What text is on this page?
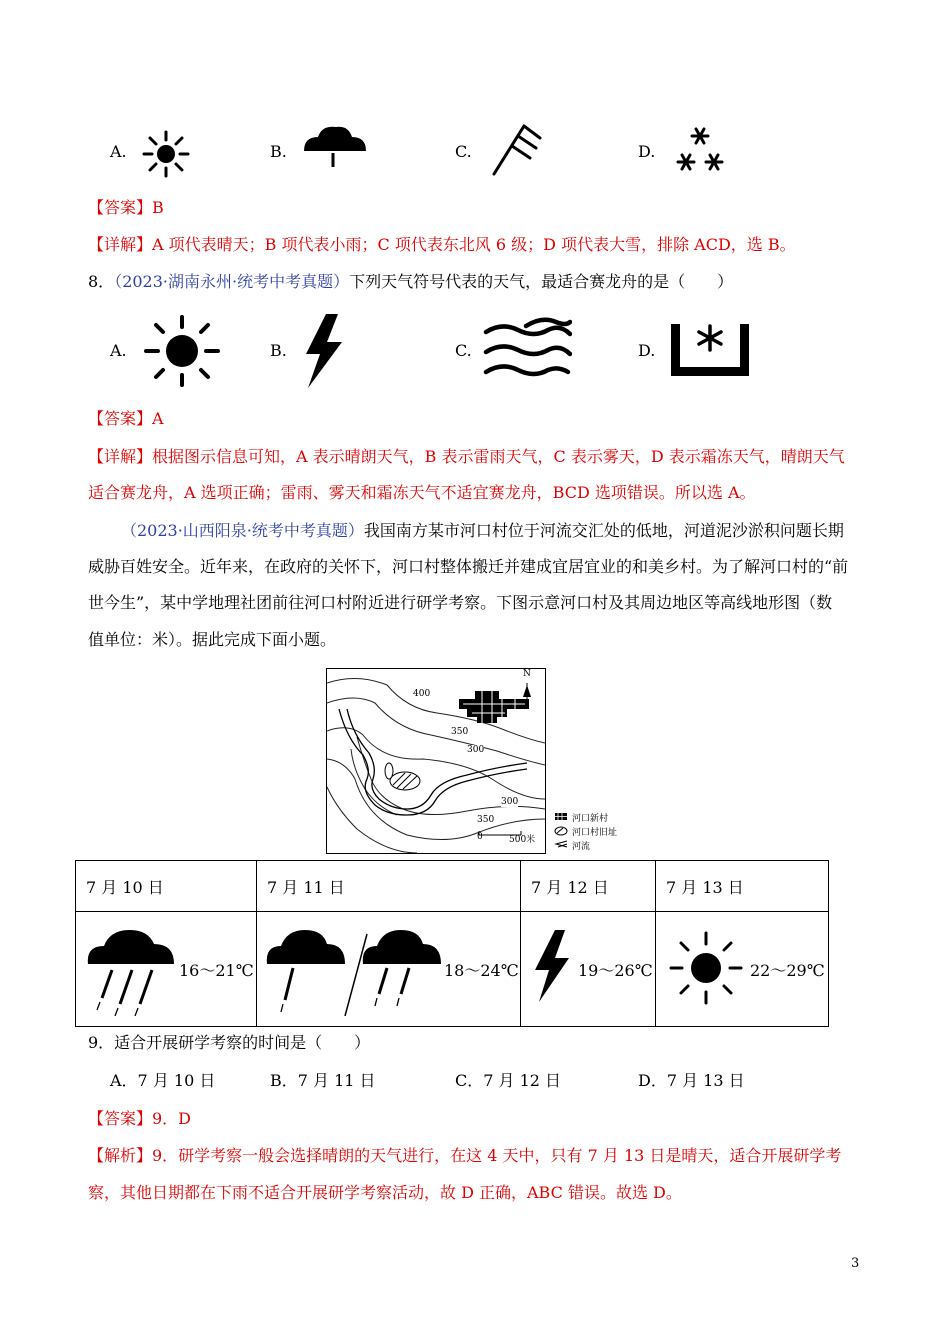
A.	B.	C.	D.
【答案】B
【详解】A 项代表晴天；B 项代表小雨；C 项代表东北风 6 级；D 项代表大雪，排除 ACD，选 B。
8．（2023·湖南永州·统考中考真题）下列天气符号代表的天气，最适合赛龙舟的是（　　）
A.	B.	C.	D.
【答案】A
【详解】根据图示信息可知，A 表示晴朗天气，B 表示雷雨天气，C 表示雾天，D 表示霜冻天气，晴朗天气
适合赛龙舟，A 选项正确；雷雨、雾天和霜冻天气不适宜赛龙舟，BCD 选项错误。所以选 A。
（2023·山西阳泉·统考中考真题）我国南方某市河口村位于河流交汇处的低地，河道泥沙淤积问题长期
威胁百姓安全。近年来，在政府的关怀下，河口村整体搬迁并建成宜居宜业的和美乡村。为了解河口村的“前
世今生”，某中学地理社团前往河口村附近进行研学考察。下图示意河口村及其周边地区等高线地形图（数
值单位：米）。据此完成下面小题。
N
400
350
300
300
350
0	500米
河口新村
河口村旧址
河流
7 月 10 日	7 月 11 日	7 月 12 日	7 月 13 日

16～21℃	18～24℃	19～26℃	22～29℃
9．适合开展研学考察的时间是（　　）
A．7 月 10 日	B．7 月 11 日	C．7 月 12 日	D．7 月 13 日
【答案】9．D
【解析】9．研学考察一般会选择晴朗的天气进行，在这 4 天中，只有 7 月 13 日是晴天，适合开展研学考
察，其他日期都在下雨不适合开展研学考察活动，故 D 正确，ABC 错误。故选 D。
3
